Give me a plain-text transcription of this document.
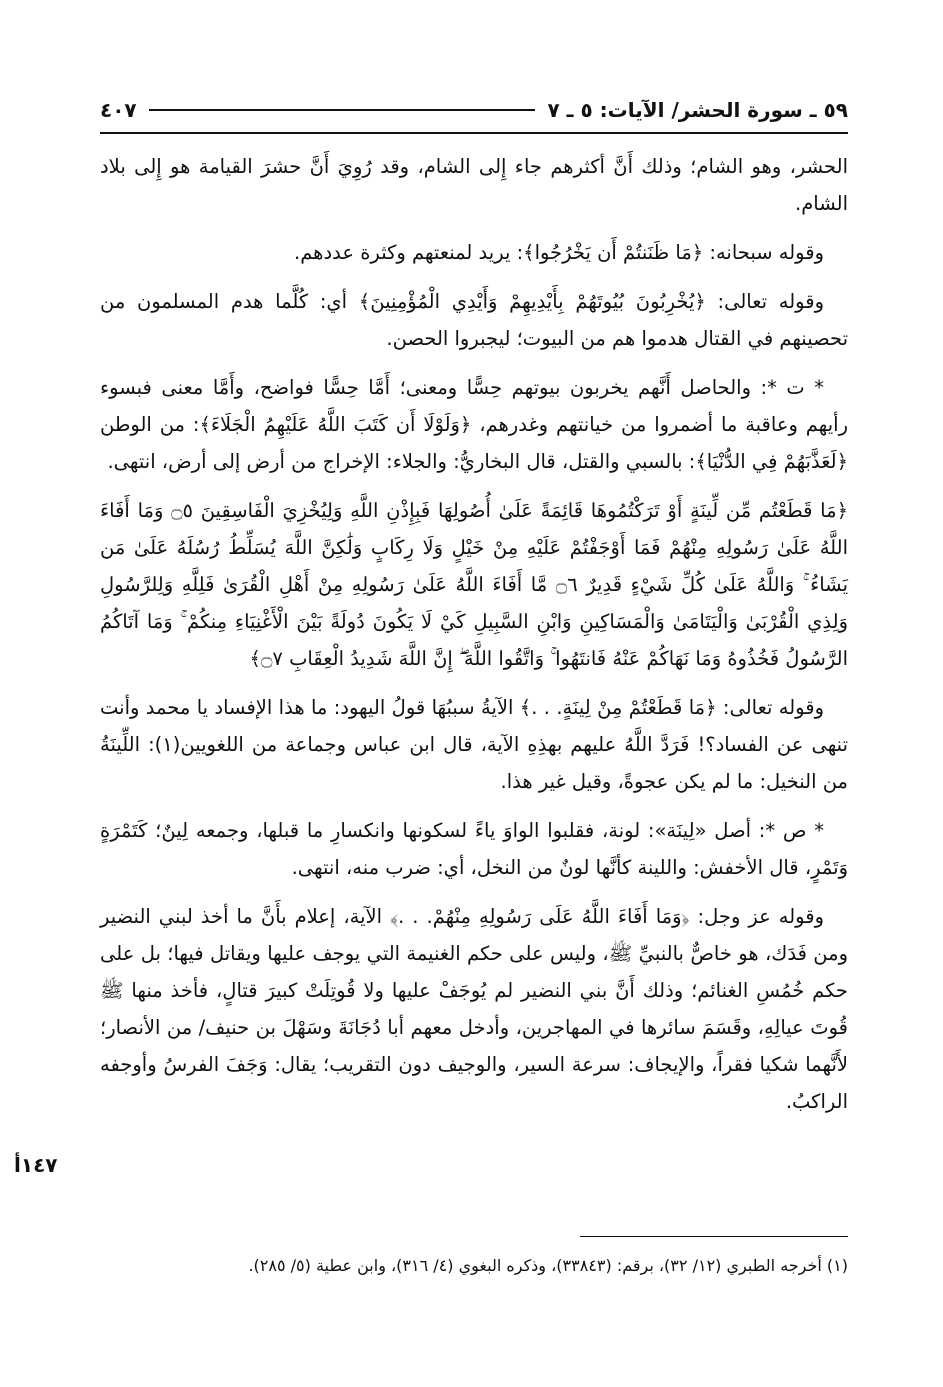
٥٩ ـ سورة الحشر/ الآيات: ٥ ـ ٧
٤٠٧

الحشر، وهو الشام؛ وذلك أَنَّ أكثرهم جاء إِلى الشام، وقد رُوِيَ أَنَّ حشرَ القيامة هو إِلى بلاد الشام.

وقوله سبحانه: ﴿مَا ظَنَنتُمْ أَن يَخْرُجُوا﴾: يريد لمنعتهم وكثرة عددهم.

وقوله تعالى: ﴿يُخْرِبُونَ بُيُوتَهُمْ بِأَيْدِيهِمْ وَأَيْدِي الْمُؤْمِنِينَ﴾ أي: كُلَّما هدم المسلمون من تحصينهم في القتال هدموا هم من البيوت؛ ليجبروا الحصن.

* ت *: والحاصل أَنَّهم يخربون بيوتهم حِسًّا ومعنى؛ أَمَّا حِسًّا فواضح، وأَمَّا معنى فبسوء رأيهم وعاقبة ما أضمروا من خيانتهم وغدرهم، ﴿وَلَوْلَا أَن كَتَبَ اللَّهُ عَلَيْهِمُ الْجَلَاءَ﴾: من الوطن ﴿لَعَذَّبَهُمْ فِي الدُّنْيَا﴾: بالسبي والقتل، قال البخاريُّ: والجلاء: الإخراج من أرض إلى أرض، انتهى.

﴿مَا قَطَعْتُم مِّن لِّينَةٍ أَوْ تَرَكْتُمُوهَا قَائِمَةً عَلَىٰ أُصُولِهَا فَبِإِذْنِ اللَّهِ وَلِيُخْزِيَ الْفَاسِقِينَ ۝٥ وَمَا أَفَاءَ اللَّهُ عَلَىٰ رَسُولِهِ مِنْهُمْ فَمَا أَوْجَفْتُمْ عَلَيْهِ مِنْ خَيْلٍ وَلَا رِكَابٍ وَلَٰكِنَّ اللَّهَ يُسَلِّطُ رُسُلَهُ عَلَىٰ مَن يَشَاءُ ۚ وَاللَّهُ عَلَىٰ كُلِّ شَيْءٍ قَدِيرٌ ۝٦ مَّا أَفَاءَ اللَّهُ عَلَىٰ رَسُولِهِ مِنْ أَهْلِ الْقُرَىٰ فَلِلَّهِ وَلِلرَّسُولِ وَلِذِي الْقُرْبَىٰ وَالْيَتَامَىٰ وَالْمَسَاكِينِ وَابْنِ السَّبِيلِ كَيْ لَا يَكُونَ دُولَةً بَيْنَ الْأَغْنِيَاءِ مِنكُمْ ۚ وَمَا آتَاكُمُ الرَّسُولُ فَخُذُوهُ وَمَا نَهَاكُمْ عَنْهُ فَانتَهُوا ۚ وَاتَّقُوا اللَّهَ ۖ إِنَّ اللَّهَ شَدِيدُ الْعِقَابِ ۝٧﴾

وقوله تعالى: ﴿مَا قَطَعْتُمْ مِنْ لِينَةٍ. . .﴾ الآيةُ سببُهَا قولُ اليهود: ما هذا الإفساد يا محمد وأنت تنهى عن الفساد؟! فَرَدَّ اللَّهُ عليهم بهذِهِ الآية، قال ابن عباس وجماعة من اللغويين(١): اللِّينَةُ من النخيل: ما لم يكن عجوةً، وقيل غير هذا.

* ص *: أصل «لِينَة»: لونة، فقلبوا الواوَ ياءً لسكونها وانكسارِ ما قبلها، وجمعه لِينٌ؛ كَتَمْرَةٍ وَتَمْرٍ، قال الأخفش: واللينة كأنَّها لونٌ من النخل، أي: ضرب منه، انتهى.

وقوله عز وجل: ﴿وَمَا أَفَاءَ اللَّهُ عَلَى رَسُولِهِ مِنْهُمْ. . .﴾ الآية، إعلام بأَنَّ ما أخذ لبني النضير ومن فَدَك، هو خاصٌّ بالنبيِّ ﷺ، وليس على حكم الغنيمة التي يوجف عليها ويقاتل فيها؛ بل على حكم خُمُسِ الغنائم؛ وذلك أَنَّ بني النضير لم يُوجَفْ عليها ولا قُوتِلَتْ كبيرَ قتالٍ، فأخذ منها ﷺ قُوتَ عيالِهِ، وقَسَمَ سائرها في المهاجرين، وأدخل معهم أبا دُجَانَةَ وسَهْلَ بن حنيف/ من الأنصار؛ لأَنَّهما شكيا فقراً، والإيجاف: سرعة السير، والوجيف دون التقريب؛ يقال: وَجَفَ الفرسُ وأوجفه الراكبُ.

١٤٧أ
(١) أخرجه الطبري (١٢/ ٣٢)، برقم: (٣٣٨٤٣)، وذكره البغوي (٤/ ٣١٦)، وابن عطية (٥/ ٢٨٥).
